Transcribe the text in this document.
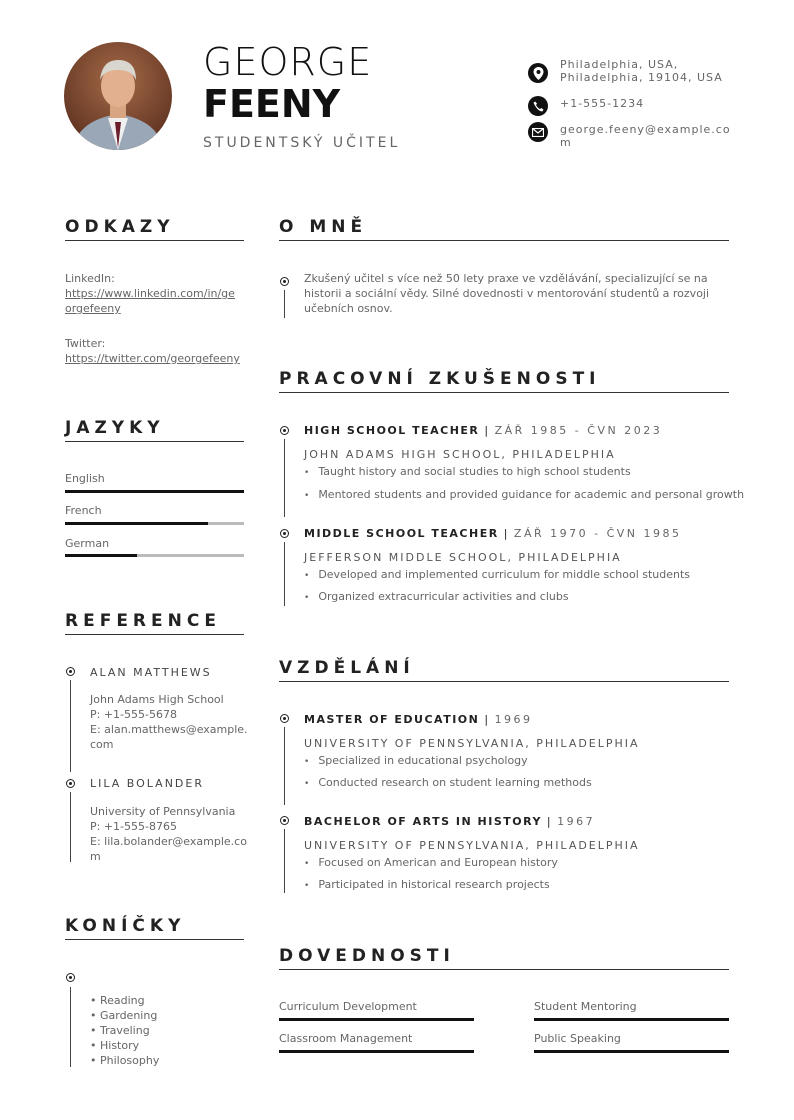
GEORGE
FEENY
STUDENTSKÝ UČITEL
Philadelphia, USA,
Philadelphia, 19104, USA
+1-555-1234
george.feeny@example.co
m
ODKAZY
LinkedIn:
https://www.linkedin.com/in/ge
orgefeeny
Twitter:
https://twitter.com/georgefeeny
JAZYKY
English
French
German
REFERENCE
ALAN MATTHEWS
John Adams High School
P: +1-555-5678
E: alan.matthews@example.
com
LILA BOLANDER
University of Pennsylvania
P: +1-555-8765
E: lila.bolander@example.co
m
KONÍČKY
• Reading
• Gardening
• Traveling
• History
• Philosophy
O MNĚ
Zkušený učitel s více než 50 lety praxe ve vzdělávání, specializující se na
historii a sociální vědy. Silné dovednosti v mentorování studentů a rozvoji
učebních osnov.
PRACOVNÍ ZKUŠENOSTI
HIGH SCHOOL TEACHER | ZÁŘ 1985 - ČVN 2023
JOHN ADAMS HIGH SCHOOL, PHILADELPHIA
• Taught history and social studies to high school students
• Mentored students and provided guidance for academic and personal growth
MIDDLE SCHOOL TEACHER | ZÁŘ 1970 - ČVN 1985
JEFFERSON MIDDLE SCHOOL, PHILADELPHIA
• Developed and implemented curriculum for middle school students
• Organized extracurricular activities and clubs
VZDĚLÁNÍ
MASTER OF EDUCATION | 1969
UNIVERSITY OF PENNSYLVANIA, PHILADELPHIA
• Specialized in educational psychology
• Conducted research on student learning methods
BACHELOR OF ARTS IN HISTORY | 1967
UNIVERSITY OF PENNSYLVANIA, PHILADELPHIA
• Focused on American and European history
• Participated in historical research projects
DOVEDNOSTI
Curriculum Development	Student Mentoring
Classroom Management	Public Speaking
